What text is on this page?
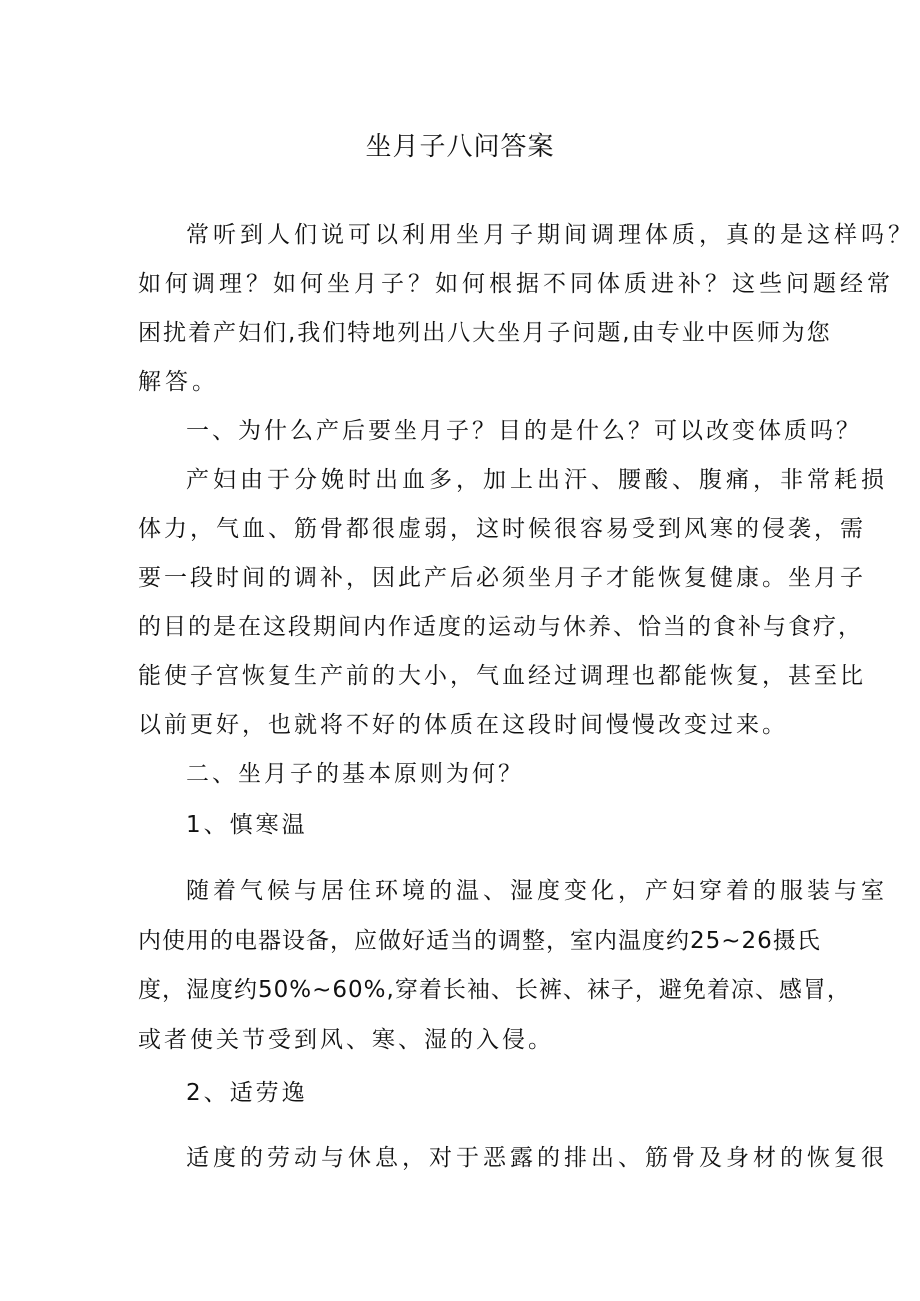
坐月子八问答案

常听到人们说可以利用坐月子期间调理体质，真的是这样吗？

如何调理？如何坐月子？如何根据不同体质进补？这些问题经常

困扰着产妇们,我们特地列出八大坐月子问题,由专业中医师为您

解答。

一、为什么产后要坐月子？目的是什么？可以改变体质吗？

产妇由于分娩时出血多，加上出汗、腰酸、腹痛，非常耗损

体力，气血、筋骨都很虚弱，这时候很容易受到风寒的侵袭，需

要一段时间的调补，因此产后必须坐月子才能恢复健康。坐月子

的目的是在这段期间内作适度的运动与休养、恰当的食补与食疗，

能使子宫恢复生产前的大小，气血经过调理也都能恢复，甚至比

以前更好，也就将不好的体质在这段时间慢慢改变过来。

二、坐月子的基本原则为何？

1、慎寒温

随着气候与居住环境的温、湿度变化，产妇穿着的服装与室

内使用的电器设备，应做好适当的调整，室内温度约25~26摄氏

度，湿度约50%~60%,穿着长袖、长裤、袜子，避免着凉、感冒，

或者使关节受到风、寒、湿的入侵。

2、适劳逸

适度的劳动与休息，对于恶露的排出、筋骨及身材的恢复很
